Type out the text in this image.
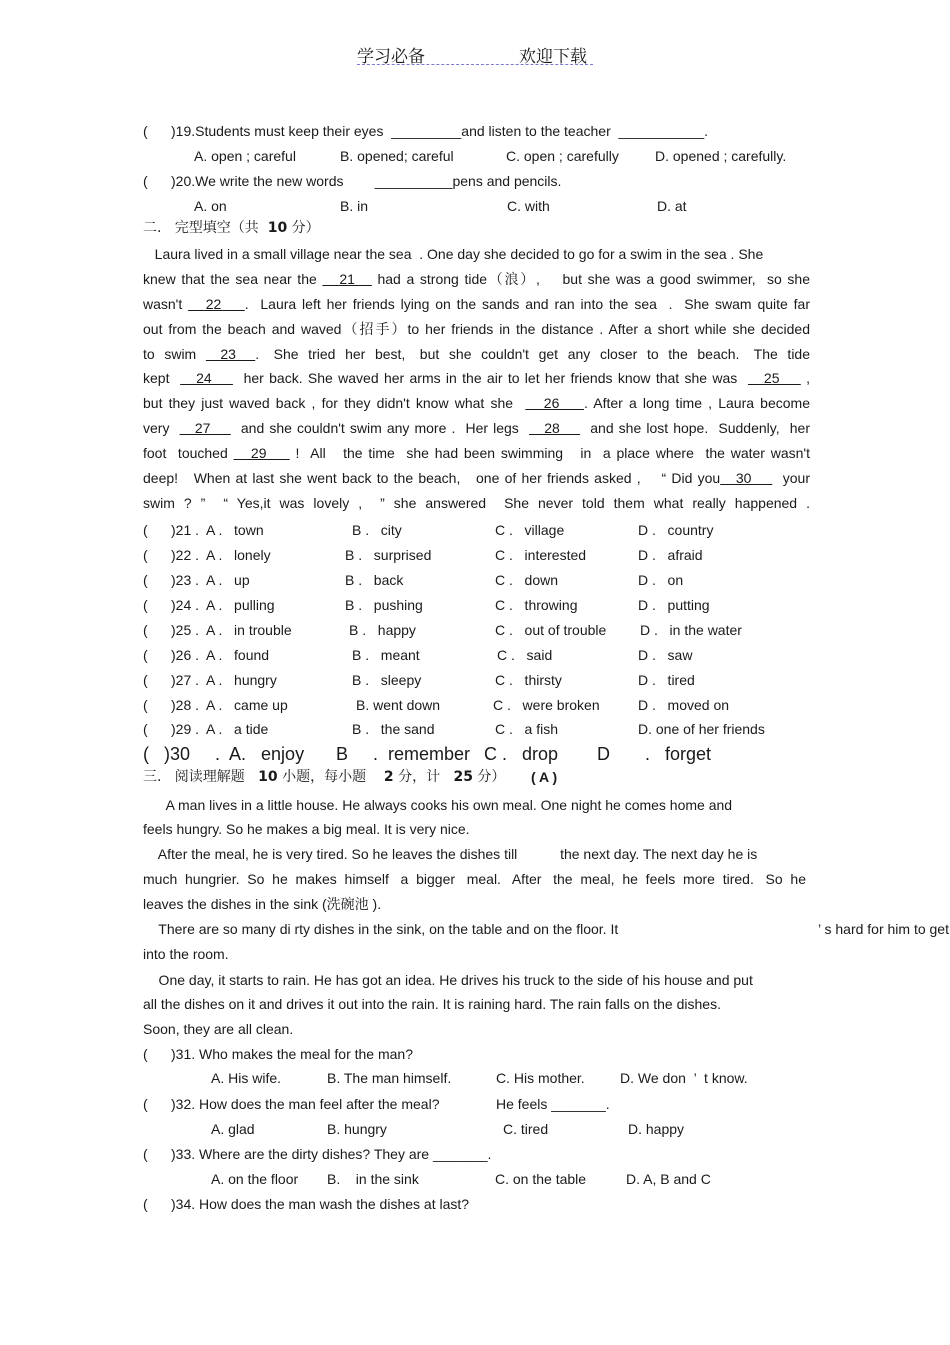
学习必备	欢迎下载
(      )19.Students must keep their eyes  _________and listen to the teacher  ___________.
A. open ; careful	B. opened; careful	C. open ; carefully	D. opened ; carefully.
(      )20.We write the new words        __________pens and pencils.
A. on	B. in	C. with	D. at
二.   完型填空（共  10 分）
Laura lived in a small village near the sea  . One day she decided to go for a swim in the sea . She
knew that the sea near the    21    had a strong tide（浪）,    but she was a good swimmer,  so she
wasn't    22    .  Laura left her friends lying on the sands and ran into the sea  .  She swam quite far
out from the beach and waved（招手）to her friends in the distance . After a short while she decided
to  swim     23    .   She  tried  her  best,   but  she  couldn't  get  any  closer  to  the  beach.   The  tide
kept     24      her back. She waved her arms in the air to let her friends know that she was     25     ,
but they just waved back , for they didn't know what she     26    . After a long time , Laura become
very     27      and she couldn't swim any more .  Her legs     28      and she lost hope.  Suddenly,  her
foot  touched    29     !  All   the time  she had been swimming   in  a place where  the water wasn't
deep!   When at last she went back to the beach,   one of her friends asked ,    “ Did you   30      your
swim ? ”  “ Yes,it was lovely ,  ” she answered  She never told them what really happened .
(      )21 .  A .   town	B .   city	C .   village	D .   country
(      )22 .  A .   lonely	B .   surprised	C .   interested	D .   afraid
(      )23 .  A .   up	B .   back	C .   down	D .   on
(      )24 .  A .   pulling	B .   pushing	C .   throwing	D .   putting
(      )25 .  A .   in trouble	B .   happy	C .   out of trouble D .   in the water
(      )26 .  A .   found	B .   meant	C .   said	D .   saw
(      )27 .  A .   hungry	B .   sleepy	C .   thirsty	D .   tired
(      )28 .  A .   came up	B. went down	C .   were broken	D .   moved on
(      )29 .  A .   a tide	B .   the sand	C .   a fish	D. one of her friends
(   )30     .  A.   enjoy B     .  remember C .   drop D       .   forget
三.   阅读理解题   10 小题，每小题    2 分，计   25 分） ( A )
A man lives in a little house. He always cooks his own meal. One night he comes home and
feels hungry. So he makes a big meal. It is very nice.
After the meal, he is very tired. So he leaves the dishes till           the next day. The next day he is
much  hungrier.  So  he  makes  himself   a  bigger   meal.   After   the  meal,  he  feels  more  tired.   So  he
leaves the dishes in the sink (洗碗池 ).
There are so many di rty dishes in the sink, on the table and on the floor. It	’ s hard for him to get
into the room.
One day, it starts to rain. He has got an idea. He drives his truck to the side of his house and put
all the dishes on it and drives it out into the rain. It is raining hard. The rain falls on the dishes.
Soon, they are all clean.
(      )31. Who makes the meal for the man?
A. His wife.	B. The man himself.	C. His mother.	D. We don  ’  t know.
(      )32. How does the man feel after the meal?	He feels _______.
A. glad	B. hungry	C. tired	D. happy
(      )33. Where are the dirty dishes? They are _______.
A. on the floor B.    in the sink	C. on the table	D. A, B and C
(      )34. How does the man wash the dishes at last?
